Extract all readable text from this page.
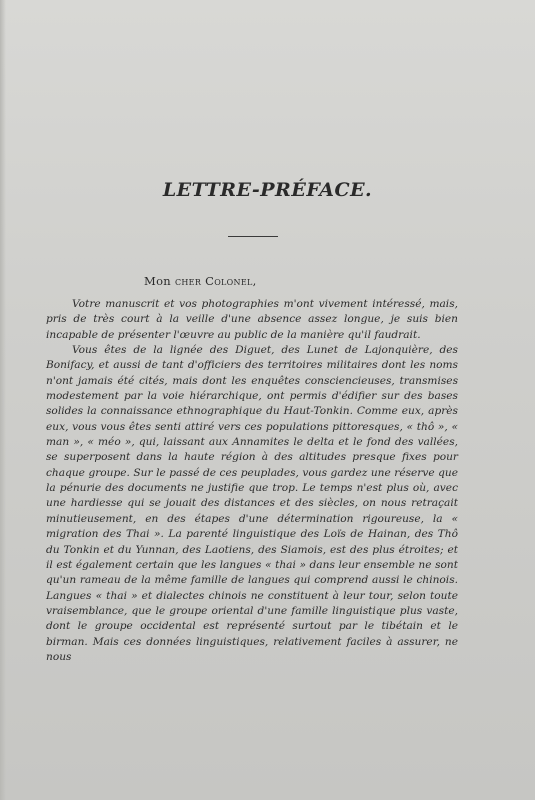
LETTRE-PRÉFACE.
Mon cher Colonel,

Votre manuscrit et vos photographies m'ont vivement intéressé, mais, pris de très court à la veille d'une absence assez longue, je suis bien incapable de présenter l'œuvre au public de la manière qu'il faudrait.

Vous êtes de la lignée des Diguet, des Lunet de Lajonquière, des Bonifacy, et aussi de tant d'officiers des territoires militaires dont les noms n'ont jamais été cités, mais dont les enquêtes consciencieuses, transmises modestement par la voie hiérarchique, ont permis d'édifier sur des bases solides la connaissance ethnographique du Haut-Tonkin. Comme eux, après eux, vous vous êtes senti attiré vers ces populations pittoresques, « thô », « man », « méo », qui, laissant aux Annamites le delta et le fond des vallées, se superposent dans la haute région à des altitudes presque fixes pour chaque groupe. Sur le passé de ces peuplades, vous gardez une réserve que la pénurie des documents ne justifie que trop. Le temps n'est plus où, avec une hardiesse qui se jouait des distances et des siècles, on nous retraçait minutieusement, en des étapes d'une détermination rigoureuse, la « migration des Thai ». La parenté linguistique des Loïs de Hainan, des Thô du Tonkin et du Yunnan, des Laotiens, des Siamois, est des plus étroites; et il est également certain que les langues « thai » dans leur ensemble ne sont qu'un rameau de la même famille de langues qui comprend aussi le chinois. Langues « thai » et dialectes chinois ne constituent à leur tour, selon toute vraisemblance, que le groupe oriental d'une famille linguistique plus vaste, dont le groupe occidental est représenté surtout par le tibétain et le birman. Mais ces données linguistiques, relativement faciles à assurer, ne nous
